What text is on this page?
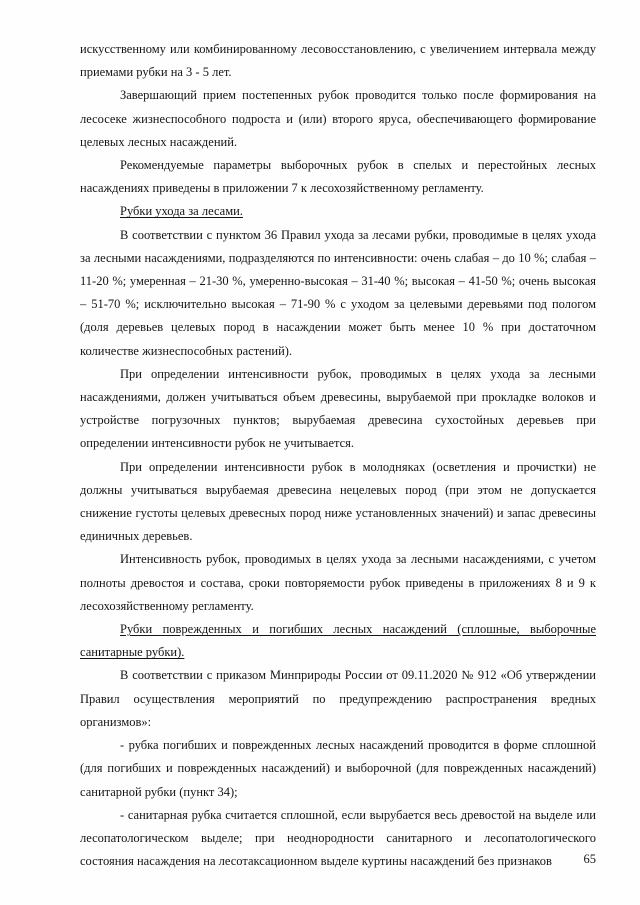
искусственному или комбинированному лесовосстановлению, с увеличением интервала между приемами рубки на 3 - 5 лет.

Завершающий прием постепенных рубок проводится только после формирования на лесосеке жизнеспособного подроста и (или) второго яруса, обеспечивающего формирование целевых лесных насаждений.

Рекомендуемые параметры выборочных рубок в спелых и перестойных лесных насаждениях приведены в приложении 7 к лесохозяйственному регламенту.

Рубки ухода за лесами.

В соответствии с пунктом 36 Правил ухода за лесами рубки, проводимые в целях ухода за лесными насаждениями, подразделяются по интенсивности: очень слабая – до 10 %; слабая – 11-20 %; умеренная – 21-30 %, умеренно-высокая – 31-40 %; высокая – 41-50 %; очень высокая – 51-70 %; исключительно высокая – 71-90 % с уходом за целевыми деревьями под пологом (доля деревьев целевых пород в насаждении может быть менее 10 % при достаточном количестве жизнеспособных растений).

При определении интенсивности рубок, проводимых в целях ухода за лесными насаждениями, должен учитываться объем древесины, вырубаемой при прокладке волоков и устройстве погрузочных пунктов; вырубаемая древесина сухостойных деревьев при определении интенсивности рубок не учитывается.

При определении интенсивности рубок в молодняках (осветления и прочистки) не должны учитываться вырубаемая древесина нецелевых пород (при этом не допускается снижение густоты целевых древесных пород ниже установленных значений) и запас древесины единичных деревьев.

Интенсивность рубок, проводимых в целях ухода за лесными насаждениями, с учетом полноты древостоя и состава, сроки повторяемости рубок приведены в приложениях 8 и 9 к лесохозяйственному регламенту.

Рубки поврежденных и погибших лесных насаждений (сплошные, выборочные санитарные рубки).

В соответствии с приказом Минприроды России от 09.11.2020 № 912 «Об утверждении Правил осуществления мероприятий по предупреждению распространения вредных организмов»:

- рубка погибших и поврежденных лесных насаждений проводится в форме сплошной (для погибших и поврежденных насаждений) и выборочной (для поврежденных насаждений) санитарной рубки (пункт 34);

- санитарная рубка считается сплошной, если вырубается весь древостой на выделе или лесопатологическом выделе; при неоднородности санитарного и лесопатологического состояния насаждения на лесотаксационном выделе куртины насаждений без признаков	65
